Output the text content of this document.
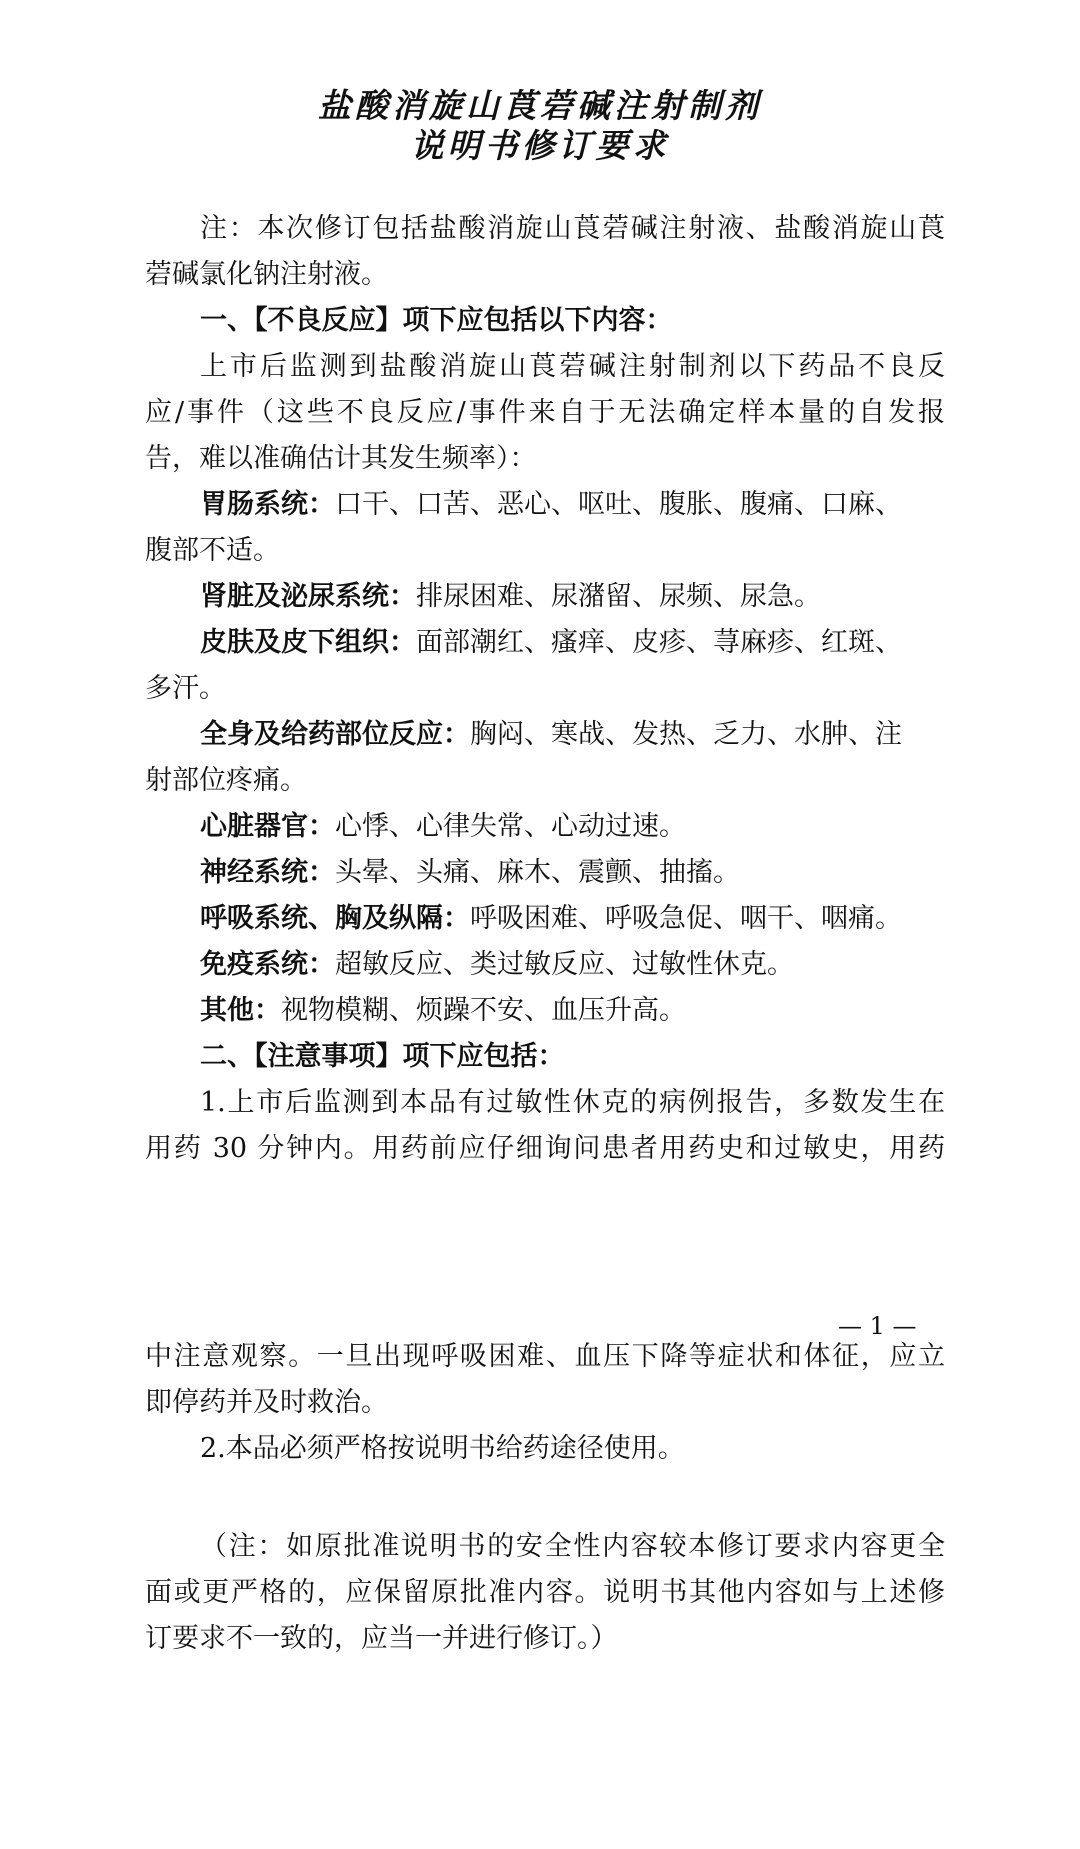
盐酸消旋山莨菪碱注射制剂
说明书修订要求
注：本次修订包括盐酸消旋山莨菪碱注射液、盐酸消旋山莨
菪碱氯化钠注射液。
一、【不良反应】项下应包括以下内容：
上市后监测到盐酸消旋山莨菪碱注射制剂以下药品不良反
应/事件（这些不良反应/事件来自于无法确定样本量的自发报
告，难以准确估计其发生频率）：
胃肠系统：口干、口苦、恶心、呕吐、腹胀、腹痛、口麻、
腹部不适。
肾脏及泌尿系统：排尿困难、尿潴留、尿频、尿急。
皮肤及皮下组织：面部潮红、瘙痒、皮疹、荨麻疹、红斑、
多汗。
全身及给药部位反应：胸闷、寒战、发热、乏力、水肿、注
射部位疼痛。
心脏器官：心悸、心律失常、心动过速。
神经系统：头晕、头痛、麻木、震颤、抽搐。
呼吸系统、胸及纵隔：呼吸困难、呼吸急促、咽干、咽痛。
免疫系统：超敏反应、类过敏反应、过敏性休克。
其他：视物模糊、烦躁不安、血压升高。
二、【注意事项】项下应包括：
1.上市后监测到本品有过敏性休克的病例报告，多数发生在
用药 30 分钟内。用药前应仔细询问患者用药史和过敏史，用药
— 1 —
中注意观察。一旦出现呼吸困难、血压下降等症状和体征，应立
即停药并及时救治。
2.本品必须严格按说明书给药途径使用。
（注：如原批准说明书的安全性内容较本修订要求内容更全
面或更严格的，应保留原批准内容。说明书其他内容如与上述修
订要求不一致的，应当一并进行修订。）
